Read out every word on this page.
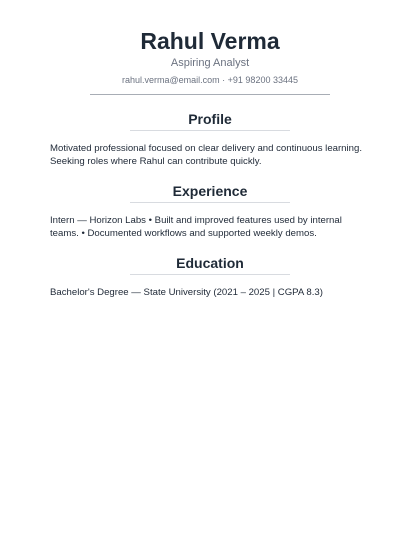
Rahul Verma
Aspiring Analyst
rahul.verma@email.com · +91 98200 33445
Profile
Motivated professional focused on clear delivery and continuous learning. Seeking roles where Rahul can contribute quickly.
Experience
Intern — Horizon Labs • Built and improved features used by internal teams. • Documented workflows and supported weekly demos.
Education
Bachelor's Degree — State University (2021 – 2025 | CGPA 8.3)
